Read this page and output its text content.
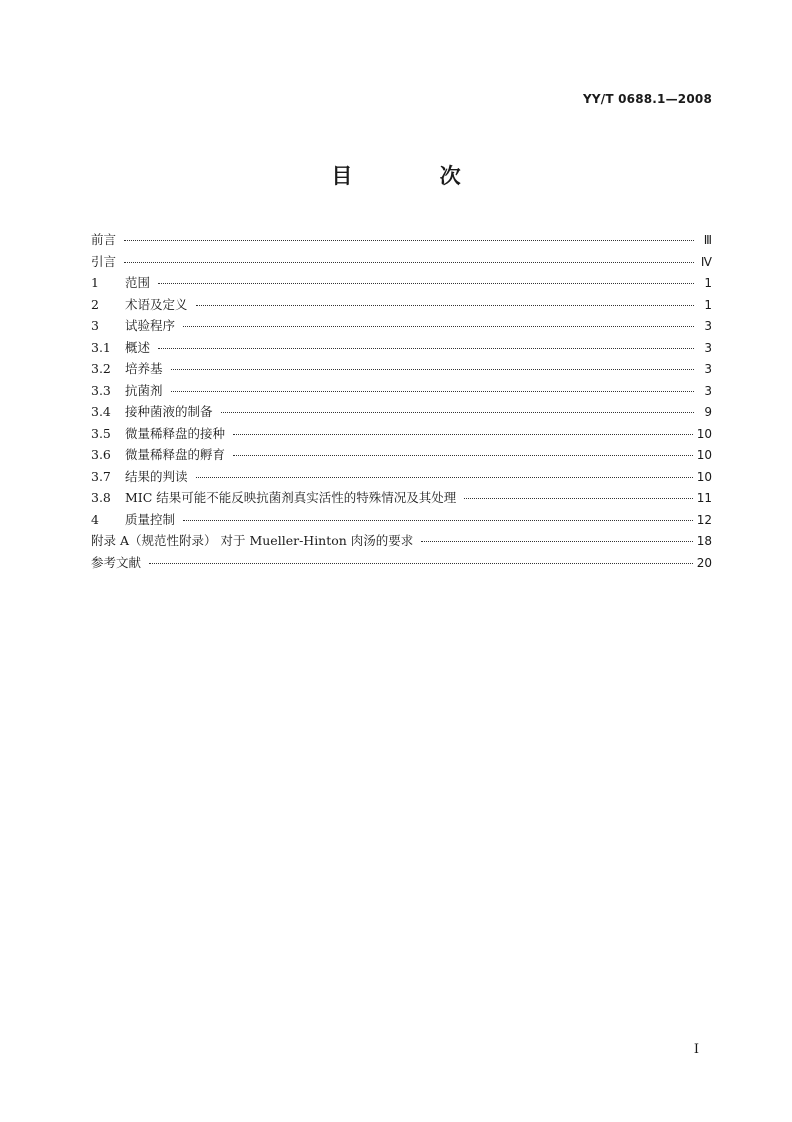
YY/T 0688.1—2008
目 次
前言	Ⅲ
引言	Ⅳ
1 范围	1
2 术语及定义	1
3 试验程序	3
3.1 概述	3
3.2 培养基	3
3.3 抗菌剂	3
3.4 接种菌液的制备	9
3.5 微量稀释盘的接种	10
3.6 微量稀释盘的孵育	10
3.7 结果的判读	10
3.8 MIC 结果可能不能反映抗菌剂真实活性的特殊情况及其处理	11
4 质量控制	12
附录 A（规范性附录） 对于 Mueller-Hinton 肉汤的要求	18
参考文献	20
I
